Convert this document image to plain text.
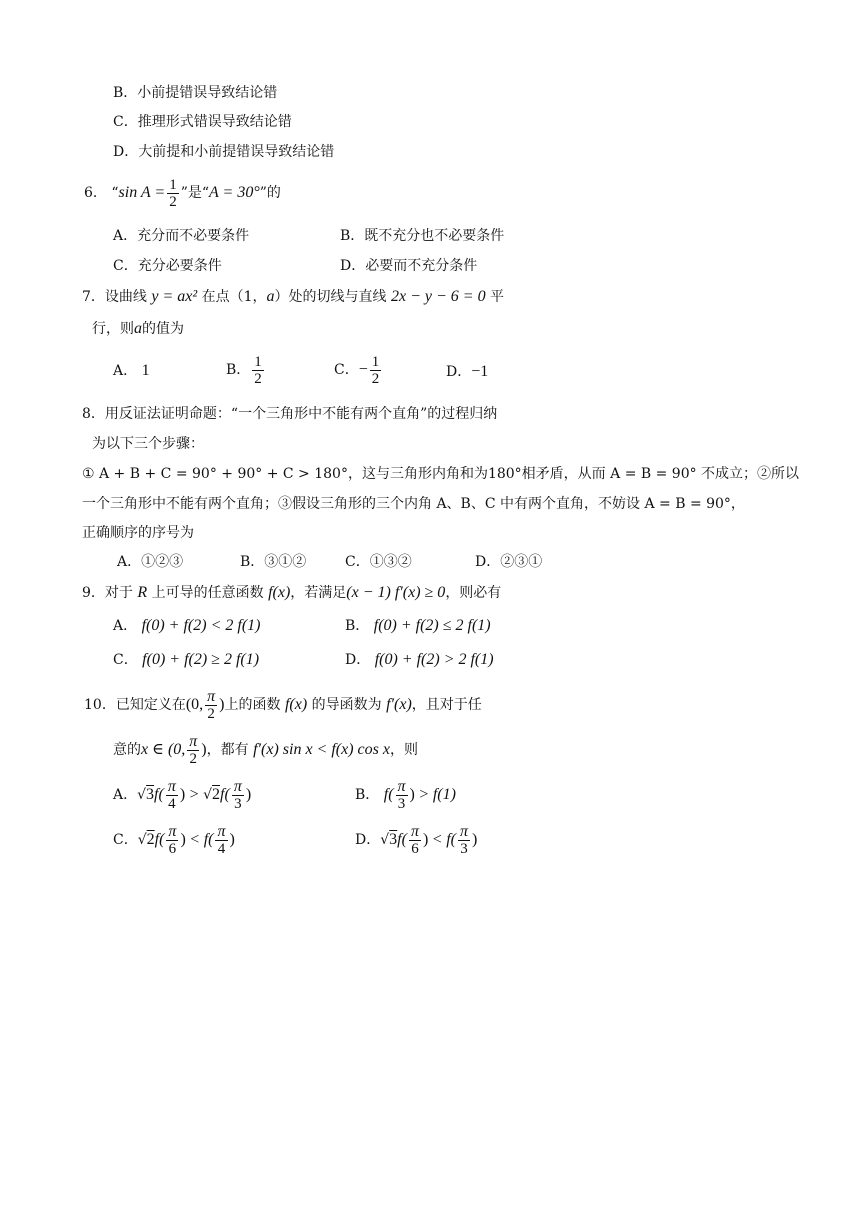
B．小前提错误导致结论错
C．推理形式错误导致结论错
D．大前提和小前提错误导致结论错
6． “sin $A = \frac{1}{2}$ ”是“A = 30°”的
A．充分而不必要条件	B．既不充分也不必要条件
C．充分必要条件	D．必要而不充分条件
7．设曲线 y = ax² 在点（1，a）处的切线与直线 2x − y − 6 = 0 平
行，则a的值为
A． 1	B． $\frac{1}{2}$	C．− $\frac{1}{2}$	D．−1
8．用反证法证明命题：“一个三角形中不能有两个直角”的过程归纳
为以下三个步骤：
① A + B + C = 90° + 90° + C > 180°，这与三角形内角和为180°相矛盾，从而 A = B = 90° 不成立；②所以
一个三角形中不能有两个直角；③假设三角形的三个内角 A、B、C 中有两个直角，不妨设 A = B = 90°，
正确顺序的序号为
A．①②③	B．③①②	C．①③②	D．②③①
9．对于 R 上可导的任意函数 f(x)，若满足(x − 1) f′(x) ≥ 0，则必有
A． f(0) + f(2) < 2 f(1)	B． f(0) + f(2) ≤ 2 f(1)
C． f(0) + f(2) ≥ 2 f(1)	D． f(0) + f(2) > 2 f(1)
10．已知定义在(0, $\frac{\pi}{2}$ )上的函数 f(x) 的导函数为 f′(x)，且对于任
意的x ∈ (0, $\frac{\pi}{2}$ )，都有 f′(x) sin x < f(x) cos x，则
A．$√3f( \frac{\pi}{4}$ ) > $√2f( \frac{\pi}{3}$ )	B． $f( \frac{\pi}{3}$ ) > f(1)
C．$√2f( \frac{\pi}{6}$ ) < $f( \frac{\pi}{4}$ )	D．$√3f( \frac{\pi}{6}$ ) < $f( \frac{\pi}{3}$ )
